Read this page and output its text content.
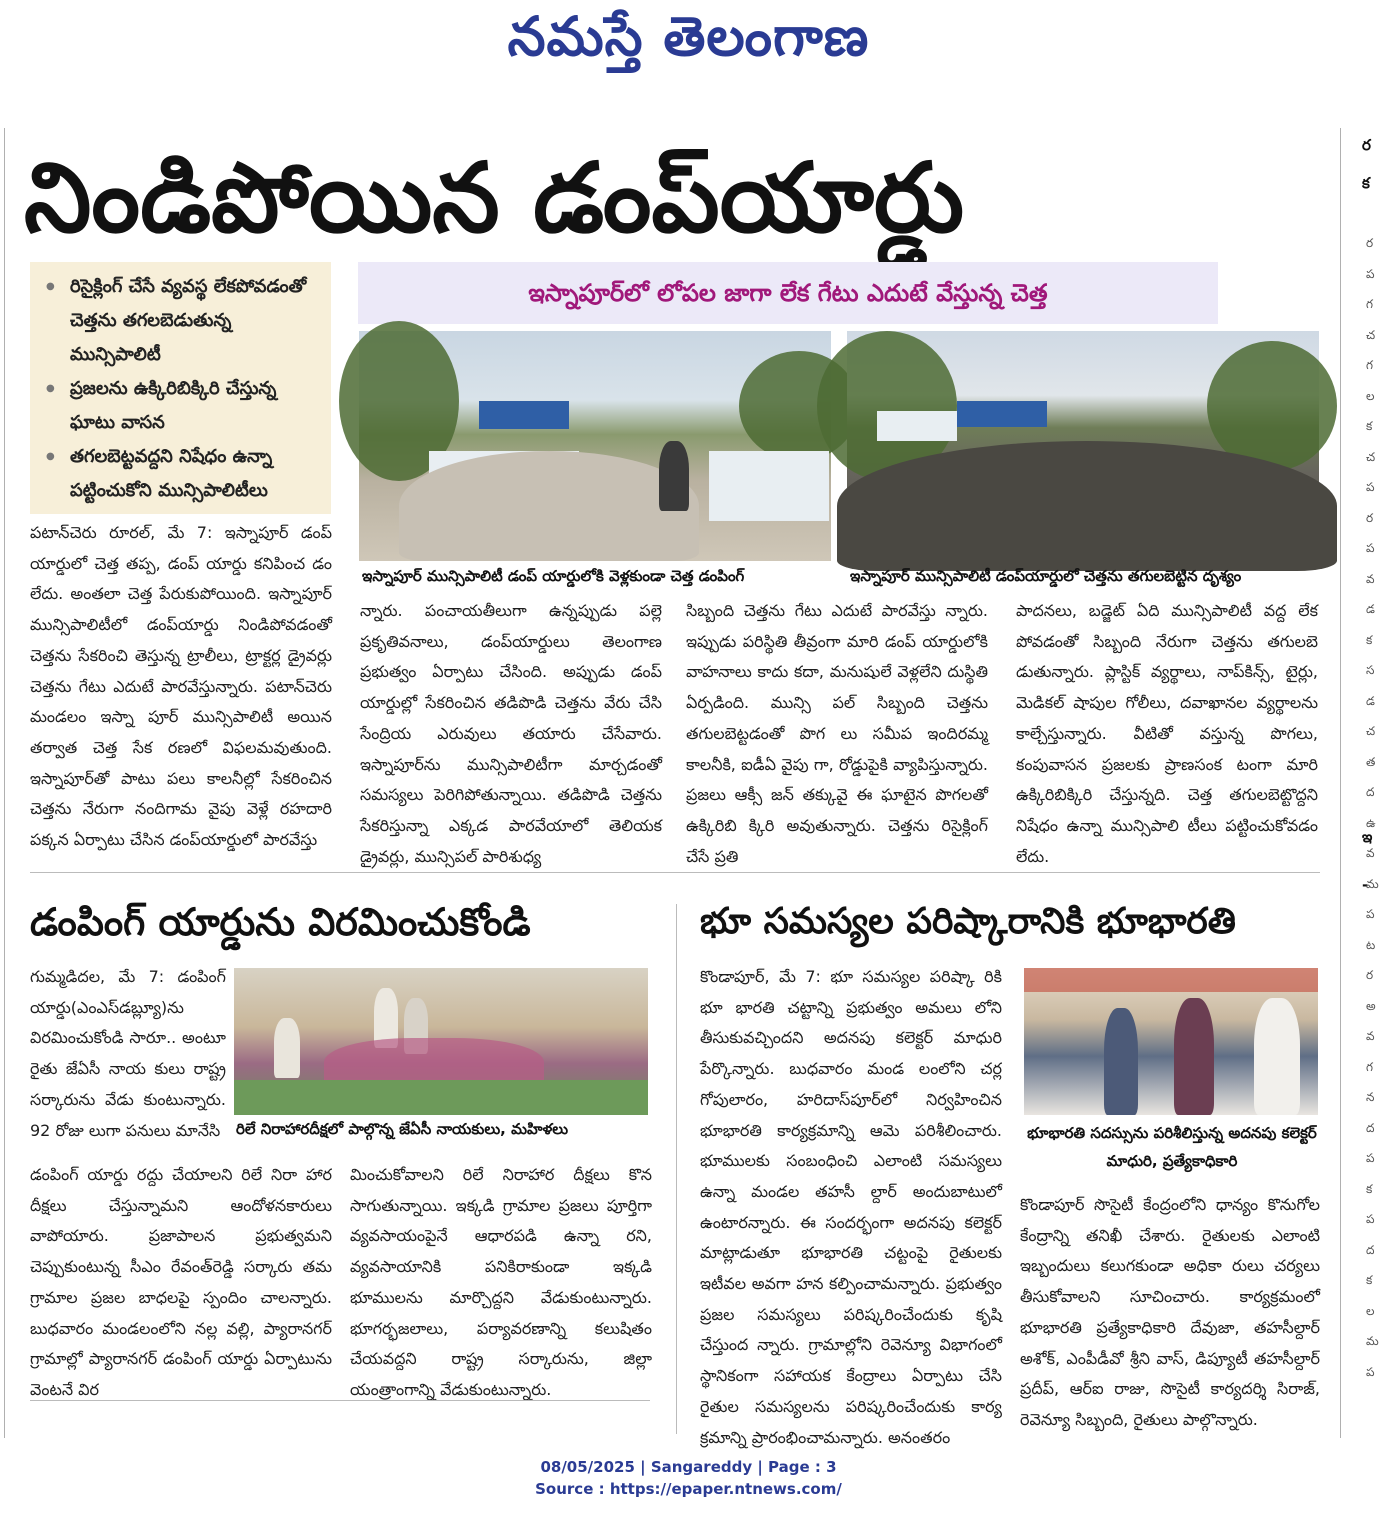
నమస్తే తెలంగాణ
ర
క
ఇ
-
నిండిపోయిన డంప్‌యార్డు
● రిసైక్లింగ్‌ చేసే వ్యవస్థ లేకపోవడంతో చెత్తను తగలబెడుతున్న మున్సిపాలిటీ
● ప్రజలను ఉక్కిరిబిక్కిరి చేస్తున్న ఘాటు వాసన
● తగలబెట్టవద్దని నిషేధం ఉన్నా పట్టించుకోని మున్సిపాలిటీలు
ఇస్నాపూర్‌లో లోపల జాగా లేక గేటు ఎదుటే వేస్తున్న చెత్త
ఇస్నాపూర్‌ మున్సిపాలిటీ డంప్‌ యార్డులోకి వెళ్లకుండా చెత్త డంపింగ్‌	ఇస్నాపూర్‌ మున్సిపాలిటీ డంప్‌యార్డులో చెత్తను తగులబెట్టిన దృశ్యం

పటాన్‌చెరు రూరల్‌, మే 7: ఇస్నాపూర్‌ డంప్‌ యార్డులో చెత్త తప్ప, డంప్‌ యార్డు కనిపించ డం లేదు. అంతలా చెత్త పేరుకుపోయింది. ఇస్నాపూర్‌ మున్సిపాలిటీలో డంప్‌యార్డు నిండిపోవడంతో చెత్తను సేకరించి తెస్తున్న ట్రాలీలు, ట్రాక్టర్ల డ్రైవర్లు చెత్తను గేటు ఎదుటే పారవేస్తున్నారు. పటాన్‌చెరు మండలం ఇస్నా పూర్‌ మున్సిపాలిటీ అయిన తర్వాత చెత్త సేక రణలో విఫలమవుతుంది. ఇస్నాపూర్‌తో పాటు పలు కాలనీల్లో సేకరించిన చెత్తను నేరుగా నందిగామ వైపు వెళ్లే రహదారి పక్కన ఏర్పాటు చేసిన డంప్‌యార్డులో పారవేస్తు

న్నారు. పంచాయతీలుగా ఉన్నప్పుడు పల్లె ప్రకృతివనాలు, డంప్‌యార్డులు తెలంగాణ ప్రభుత్వం ఏర్పాటు చేసింది. అప్పుడు డంప్‌ యార్డుల్లో సేకరించిన తడిపొడి చెత్తను వేరు చేసి సేంద్రియ ఎరువులు తయారు చేసేవారు. ఇస్నాపూర్‌ను మున్సిపాలిటీగా మార్చడంతో సమస్యలు పెరిగిపోతున్నాయి. తడిపొడి చెత్తను సేకరిస్తున్నా ఎక్కడ పారవేయాలో తెలియక డ్రైవర్లు, మున్సిపల్‌ పారిశుధ్య

సిబ్బంది చెత్తను గేటు ఎదుటే పారవేస్తు న్నారు. ఇప్పుడు పరిస్థితి తీవ్రంగా మారి డంప్‌ యార్డులోకి వాహనాలు కాదు కదా, మనుషులే వెళ్లలేని దుస్థితి ఏర్పడింది. మున్సి పల్‌ సిబ్బంది చెత్తను తగులబెట్టడంతో పొగ లు సమీప ఇందిరమ్మ కాలనీకి, ఐడీఏ వైపు గా, రోడ్డుపైకి వ్యాపిస్తున్నారు. ప్రజలు ఆక్సీ జన్‌ తక్కువై ఈ ఘాటైన పొగలతో ఉక్కిరిబి క్కిరి అవుతున్నారు. చెత్తను రిసైక్లింగ్‌ చేసే ప్రతి

పాదనలు, బడ్జెట్‌ ఏది మున్సిపాలిటీ వద్ద లేక పోవడంతో సిబ్బంది నేరుగా చెత్తను తగులబె డుతున్నారు. ప్లాస్టిక్‌ వ్యర్థాలు, నాప్‌కిన్స్‌, టైర్లు, మెడికల్‌ షాపుల గోలీలు, దవాఖానల వ్యర్థాలను కాల్చేస్తున్నారు. వీటితో వస్తున్న పొగలు, కంపువాసన ప్రజలకు ప్రాణసంక టంగా మారి ఉక్కిరిబిక్కిరి చేస్తున్నది. చెత్త తగులబెట్టొద్దని నిషేధం ఉన్నా మున్సిపాలి టీలు పట్టించుకోవడం లేదు.

డంపింగ్‌ యార్డును విరమించుకోండి
రిలే నిరాహారదీక్షలో పాల్గొన్న జేఏసీ నాయకులు, మహిళలు

గుమ్మడిదల, మే 7: డంపింగ్‌ యార్డు(ఎంఎస్‌డబ్ల్యూ)ను విరమించుకోండి సారూ.. అంటూ రైతు జేఏసీ నాయ కులు రాష్ట్ర సర్కారును వేడు కుంటున్నారు. 92 రోజు లుగా పనులు మానేసి

డంపింగ్‌ యార్డు రద్దు చేయాలని రిలే నిరా హార దీక్షలు చేస్తున్నామని ఆందోళనకారులు వాపోయారు. ప్రజాపాలన ప్రభుత్వమని చెప్పుకుంటున్న సీఎం రేవంత్‌రెడ్డి సర్కారు తమ గ్రామాల ప్రజల బాధలపై స్పందిం చాలన్నారు. బుధవారం మండలంలోని నల్ల వల్లి, ప్యారానగర్‌ గ్రామాల్లో ప్యారానగర్‌ డంపింగ్‌ యార్డు ఏర్పాటును వెంటనే విర

మించుకోవాలని రిలే నిరాహార దీక్షలు కొన సాగుతున్నాయి. ఇక్కడి గ్రామాల ప్రజలు పూర్తిగా వ్యవసాయంపైనే ఆధారపడి ఉన్నా రని, వ్యవసాయానికి పనికిరాకుండా ఇక్కడి భూములను మార్చొద్దని వేడుకుంటున్నారు. భూగర్భజలాలు, పర్యావరణాన్ని కలుషితం చేయవద్దని రాష్ట్ర సర్కారును, జిల్లా యంత్రాంగాన్ని వేడుకుంటున్నారు.

భూ సమస్యల పరిష్కారానికి భూభారతి
భూభారతి సదస్సును పరిశీలిస్తున్న అదనపు కలెక్టర్‌ మాధురి, ప్రత్యేకాధికారి

కొండాపూర్‌, మే 7: భూ సమస్యల పరిష్కా రికి భూ భారతి చట్టాన్ని ప్రభుత్వం అమలు లోని తీసుకువచ్చిందని అదనపు కలెక్టర్‌ మాధురి పేర్కొన్నారు. బుధవారం మండ లంలోని చర్ల గోపులారం, హరిదాస్‌పూర్‌లో నిర్వహించిన భూభారతి కార్యక్రమాన్ని ఆమె పరిశీలించారు. భూములకు సంబంధించి ఎలాంటి సమస్యలు ఉన్నా మండల తహసీ ల్దార్‌ అందుబాటులో ఉంటారన్నారు. ఈ సందర్భంగా అదనపు కలెక్టర్‌ మాట్లాడుతూ భూభారతి చట్టంపై రైతులకు ఇటీవల అవగా హన కల్పించామన్నారు. ప్రభుత్వం ప్రజల సమస్యలు పరిష్కరించేందుకు కృషి చేస్తుంద న్నారు. గ్రామాల్లోని రెవెన్యూ విభాగంలో స్థానికంగా సహాయక కేంద్రాలు ఏర్పాటు చేసి రైతుల సమస్యలను పరిష్కరించేందుకు కార్య క్రమాన్ని ప్రారంభించామన్నారు. అనంతరం

కొండాపూర్‌ సొసైటీ కేంద్రంలోని ధాన్యం కొనుగోల కేంద్రాన్ని తనిఖీ చేశారు. రైతులకు ఎలాంటి ఇబ్బందులు కలుగకుండా అధికా రులు చర్యలు తీసుకోవాలని సూచించారు. కార్యక్రమంలో భూభారతి ప్రత్యేకాధికారి దేవుజా, తహసీల్దార్‌ అశోక్‌, ఎంపీడీవో శ్రీని వాస్‌, డిప్యూటీ తహసీల్దార్‌ ప్రదీప్‌, ఆర్‌ఐ రాజు, సొసైటీ కార్యదర్శి సిరాజ్‌, రెవెన్యూ సిబ్బంది, రైతులు పాల్గొన్నారు.

ర
ప
గ
చ
గ
ల
క
చ
ప
ర
ప
వ
డ
క
స
డ
చ
త
ద
ఉ
వ
మ
ప
ట
ర
అ
వ
గ
న
ద
ప
క
ప
ద
క
ల
మ
ప
08/05/2025 | Sangareddy | Page : 3
Source : https://epaper.ntnews.com/
